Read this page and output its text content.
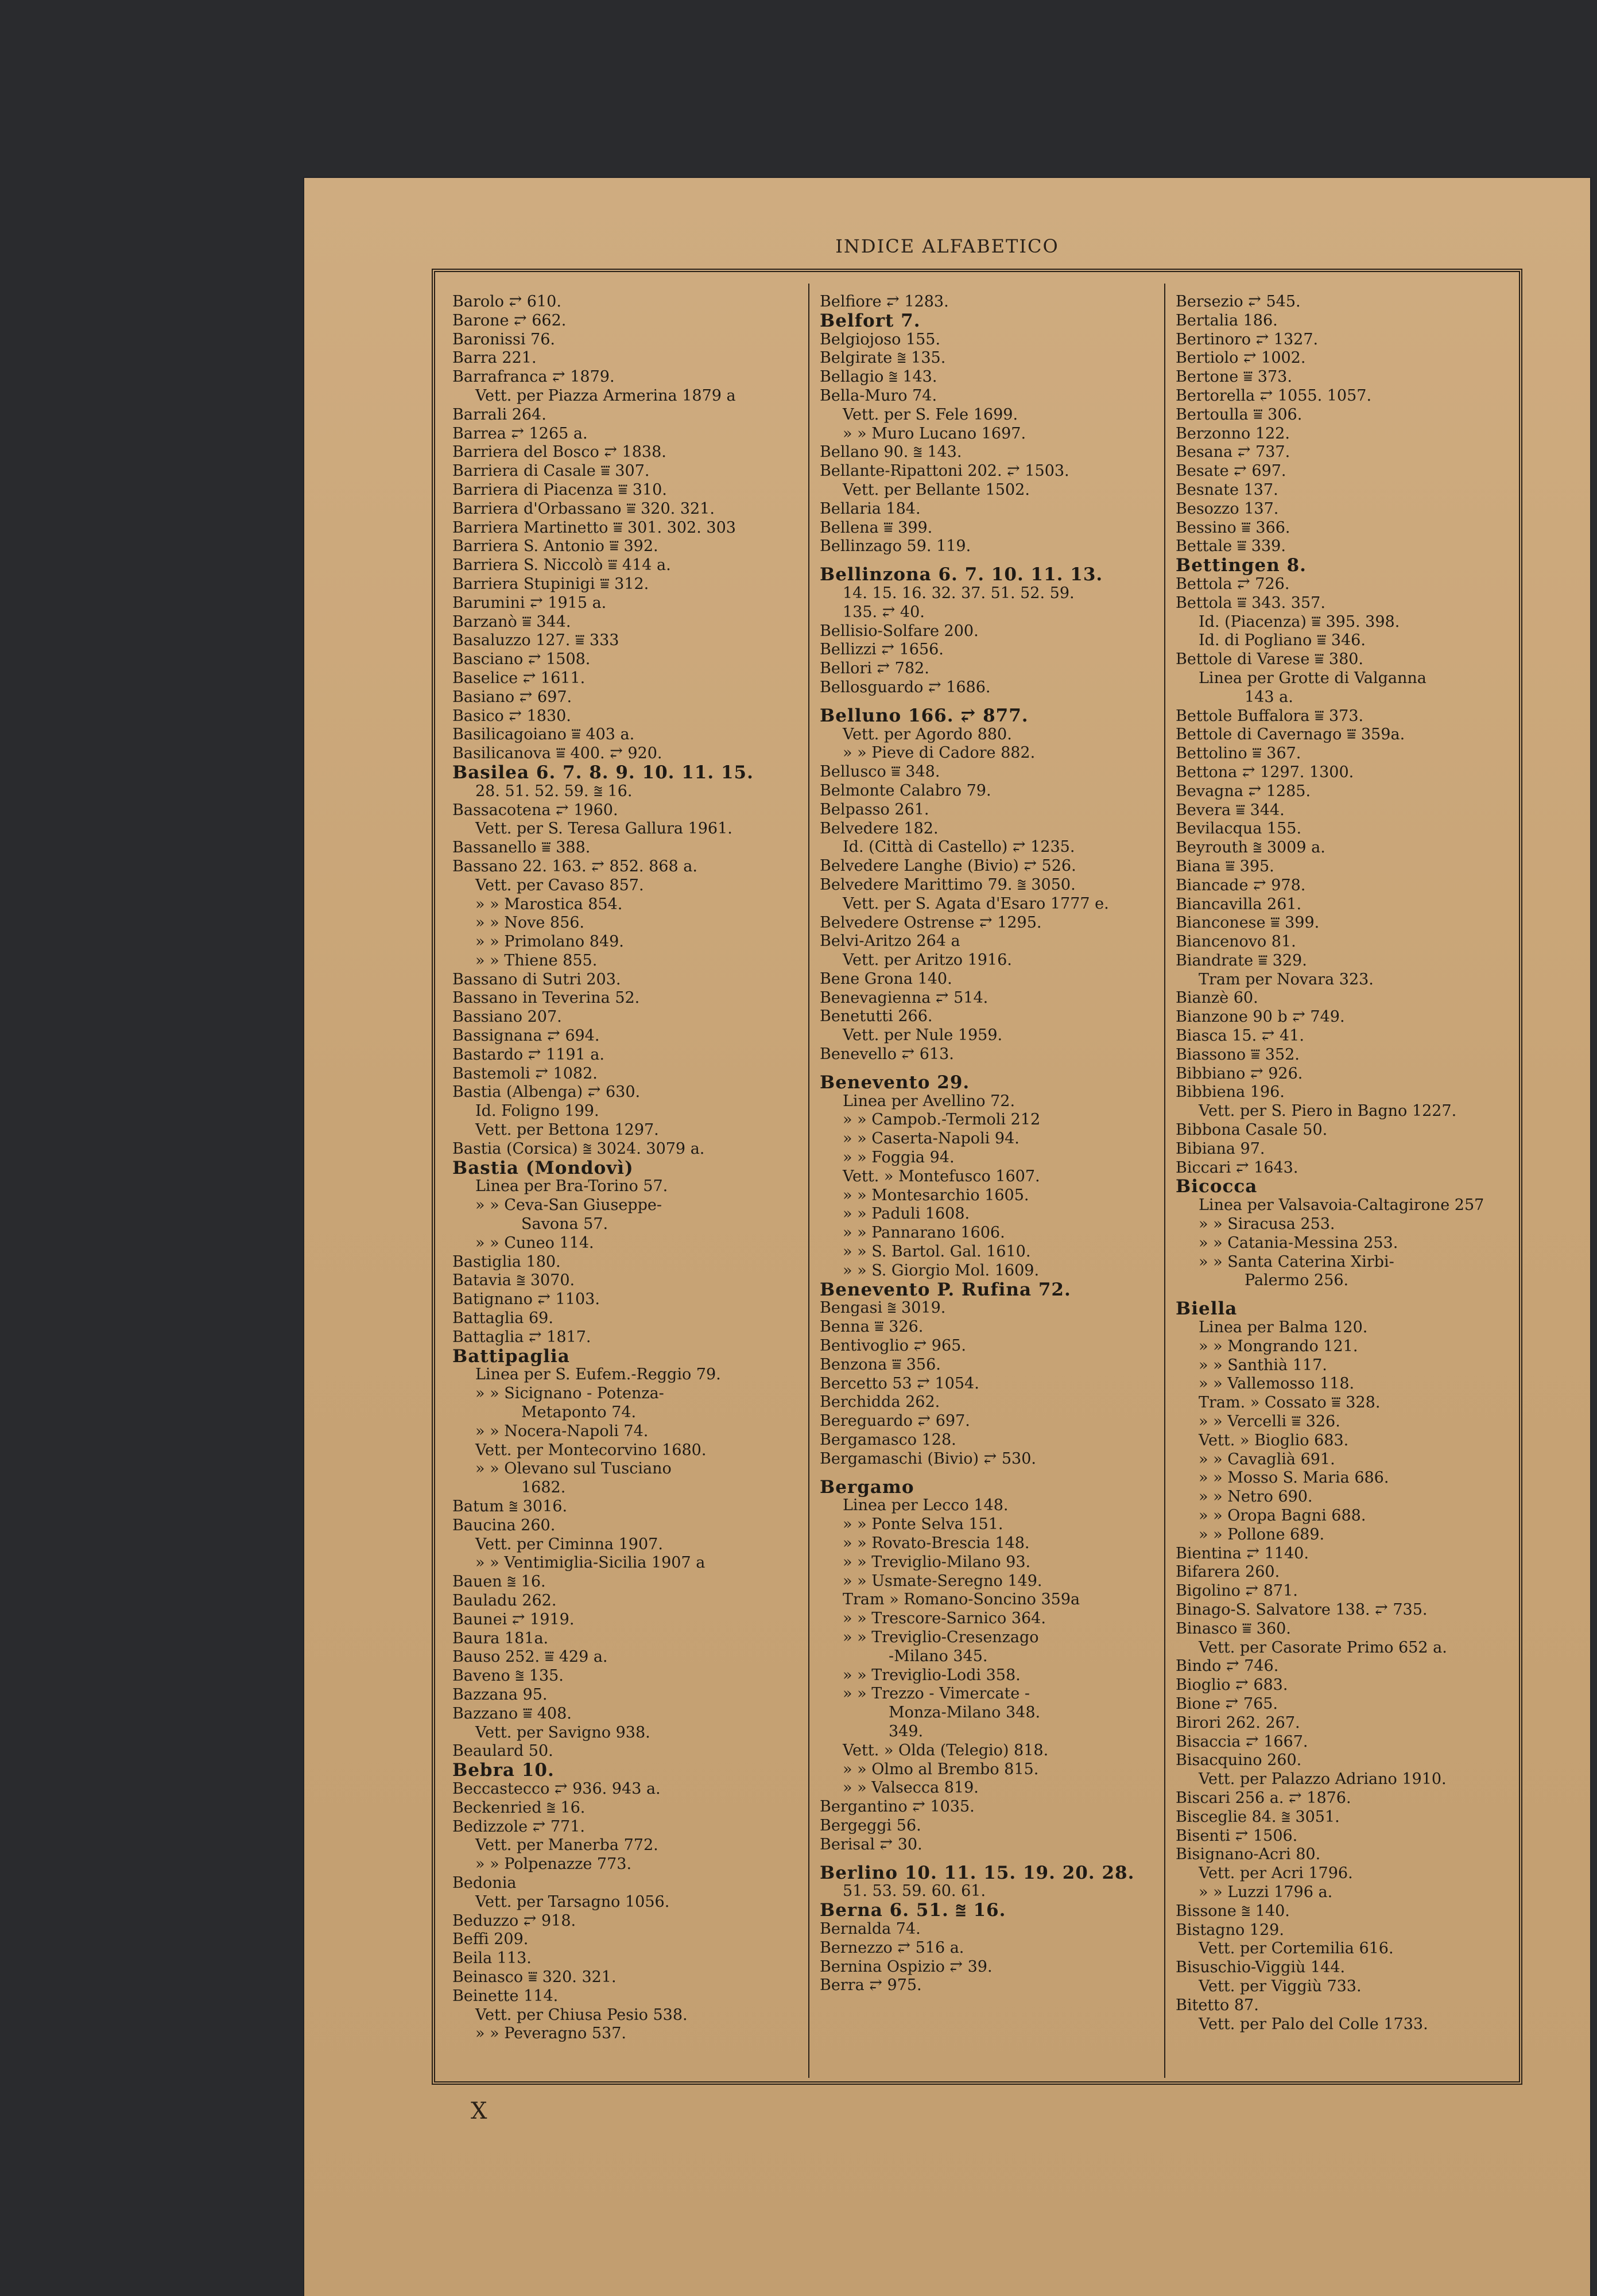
INDICE ALFABETICO
Barolo ⥂ 610.
Barone ⥂ 662.
Baronissi 76.
Barra 221.
Barrafranca ⥂ 1879.
Vett. per Piazza Armerina 1879 a
Barrali 264.
Barrea ⥂ 1265 a.
Barriera del Bosco ⥂ 1838.
Barriera di Casale ⩸ 307.
Barriera di Piacenza ⩸ 310.
Barriera d'Orbassano ⩸ 320. 321.
Barriera Martinetto ⩸ 301. 302. 303
Barriera S. Antonio ⩸ 392.
Barriera S. Niccolò ⩸ 414 a.
Barriera Stupinigi ⩸ 312.
Barumini ⥂ 1915 a.
Barzanò ⩸ 344.
Basaluzzo 127. ⩸ 333
Basciano ⥂ 1508.
Baselice ⥂ 1611.
Basiano ⥂ 697.
Basico ⥂ 1830.
Basilicagoiano ⩸ 403 a.
Basilicanova ⩸ 400. ⥂ 920.
Basilea 6. 7. 8. 9. 10. 11. 15.
28. 51. 52. 59. ⩰ 16.
Bassacotena ⥂ 1960.
Vett. per S. Teresa Gallura 1961.
Bassanello ⩸ 388.
Bassano 22. 163. ⥂ 852. 868 a.
Vett. per Cavaso 857.
» » Marostica 854.
» » Nove 856.
» » Primolano 849.
» » Thiene 855.
Bassano di Sutri 203.
Bassano in Teverina 52.
Bassiano 207.
Bassignana ⥂ 694.
Bastardo ⥂ 1191 a.
Bastemoli ⥂ 1082.
Bastia (Albenga) ⥂ 630.
Id. Foligno 199.
Vett. per Bettona 1297.
Bastia (Corsica) ⩰ 3024. 3079 a.
Bastia (Mondovì)
Linea per Bra-Torino 57.
» » Ceva-San Giuseppe-
Savona 57.
» » Cuneo 114.
Bastiglia 180.
Batavia ⩰ 3070.
Batignano ⥂ 1103.
Battaglia 69.
Battaglia ⥂ 1817.
Battipaglia
Linea per S. Eufem.-Reggio 79.
» » Sicignano - Potenza-
Metaponto 74.
» » Nocera-Napoli 74.
Vett. per Montecorvino 1680.
» » Olevano sul Tusciano
1682.
Batum ⩰ 3016.
Baucina 260.
Vett. per Ciminna 1907.
» » Ventimiglia-Sicilia 1907 a
Bauen ⩰ 16.
Bauladu 262.
Baunei ⥂ 1919.
Baura 181a.
Bauso 252. ⩸ 429 a.
Baveno ⩰ 135.
Bazzana 95.
Bazzano ⩸ 408.
Vett. per Savigno 938.
Beaulard 50.
Bebra 10.
Beccastecco ⥂ 936. 943 a.
Beckenried ⩰ 16.
Bedizzole ⥂ 771.
Vett. per Manerba 772.
» » Polpenazze 773.
Bedonia
Vett. per Tarsagno 1056.
Beduzzo ⥂ 918.
Beffi 209.
Beila 113.
Beinasco ⩸ 320. 321.
Beinette 114.
Vett. per Chiusa Pesio 538.
» » Peveragno 537.
Belfiore ⥂ 1283.
Belfort 7.
Belgiojoso 155.
Belgirate ⩰ 135.
Bellagio ⩰ 143.
Bella-Muro 74.
Vett. per S. Fele 1699.
» » Muro Lucano 1697.
Bellano 90. ⩰ 143.
Bellante-Ripattoni 202. ⥂ 1503.
Vett. per Bellante 1502.
Bellaria 184.
Bellena ⩸ 399.
Bellinzago 59. 119.
Bellinzona 6. 7. 10. 11. 13.
14. 15. 16. 32. 37. 51. 52. 59.
135. ⥂ 40.
Bellisio-Solfare 200.
Bellizzi ⥂ 1656.
Bellori ⥂ 782.
Bellosguardo ⥂ 1686.
Belluno 166. ⥂ 877.
Vett. per Agordo 880.
» » Pieve di Cadore 882.
Bellusco ⩸ 348.
Belmonte Calabro 79.
Belpasso 261.
Belvedere 182.
Id. (Città di Castello) ⥂ 1235.
Belvedere Langhe (Bivio) ⥂ 526.
Belvedere Marittimo 79. ⩰ 3050.
Vett. per S. Agata d'Esaro 1777 e.
Belvedere Ostrense ⥂ 1295.
Belvi-Aritzo 264 a
Vett. per Aritzo 1916.
Bene Grona 140.
Benevagienna ⥂ 514.
Benetutti 266.
Vett. per Nule 1959.
Benevello ⥂ 613.
Benevento 29.
Linea per Avellino 72.
» » Campob.-Termoli 212
» » Caserta-Napoli 94.
» » Foggia 94.
Vett. » Montefusco 1607.
» » Montesarchio 1605.
» » Paduli 1608.
» » Pannarano 1606.
» » S. Bartol. Gal. 1610.
» » S. Giorgio Mol. 1609.
Benevento P. Rufina 72.
Bengasi ⩰ 3019.
Benna ⩸ 326.
Bentivoglio ⥂ 965.
Benzona ⩸ 356.
Bercetto 53 ⥂ 1054.
Berchidda 262.
Bereguardo ⥂ 697.
Bergamasco 128.
Bergamaschi (Bivio) ⥂ 530.
Bergamo
Linea per Lecco 148.
» » Ponte Selva 151.
» » Rovato-Brescia 148.
» » Treviglio-Milano 93.
» » Usmate-Seregno 149.
Tram » Romano-Soncino 359a
» » Trescore-Sarnico 364.
» » Treviglio-Cresenzago
-Milano 345.
» » Treviglio-Lodi 358.
» » Trezzo - Vimercate -
Monza-Milano 348.
349.
Vett. » Olda (Telegio) 818.
» » Olmo al Brembo 815.
» » Valsecca 819.
Bergantino ⥂ 1035.
Bergeggi 56.
Berisal ⥂ 30.
Berlino 10. 11. 15. 19. 20. 28.
51. 53. 59. 60. 61.
Berna 6. 51. ⩰ 16.
Bernalda 74.
Bernezzo ⥂ 516 a.
Bernina Ospizio ⥂ 39.
Berra ⥂ 975.
Bersezio ⥂ 545.
Bertalia 186.
Bertinoro ⥂ 1327.
Bertiolo ⥂ 1002.
Bertone ⩸ 373.
Bertorella ⥂ 1055. 1057.
Bertoulla ⩸ 306.
Berzonno 122.
Besana ⥂ 737.
Besate ⥂ 697.
Besnate 137.
Besozzo 137.
Bessino ⩸ 366.
Bettale ⩸ 339.
Bettingen 8.
Bettola ⥂ 726.
Bettola ⩸ 343. 357.
Id. (Piacenza) ⩸ 395. 398.
Id. di Pogliano ⩸ 346.
Bettole di Varese ⩸ 380.
Linea per Grotte di Valganna
143 a.
Bettole Buffalora ⩸ 373.
Bettole di Cavernago ⩸ 359a.
Bettolino ⩸ 367.
Bettona ⥂ 1297. 1300.
Bevagna ⥂ 1285.
Bevera ⩸ 344.
Bevilacqua 155.
Beyrouth ⩰ 3009 a.
Biana ⩸ 395.
Biancade ⥂ 978.
Biancavilla 261.
Bianconese ⩸ 399.
Biancenovo 81.
Biandrate ⩸ 329.
Tram per Novara 323.
Bianzè 60.
Bianzone 90 b ⥂ 749.
Biasca 15. ⥂ 41.
Biassono ⩸ 352.
Bibbiano ⥂ 926.
Bibbiena 196.
Vett. per S. Piero in Bagno 1227.
Bibbona Casale 50.
Bibiana 97.
Biccari ⥂ 1643.
Bicocca
Linea per Valsavoia-Caltagirone 257
» » Siracusa 253.
» » Catania-Messina 253.
» » Santa Caterina Xirbi-
Palermo 256.
Biella
Linea per Balma 120.
» » Mongrando 121.
» » Santhià 117.
» » Vallemosso 118.
Tram. » Cossato ⩸ 328.
» » Vercelli ⩸ 326.
Vett. » Bioglio 683.
» » Cavaglià 691.
» » Mosso S. Maria 686.
» » Netro 690.
» » Oropa Bagni 688.
» » Pollone 689.
Bientina ⥂ 1140.
Bifarera 260.
Bigolino ⥂ 871.
Binago-S. Salvatore 138. ⥂ 735.
Binasco ⩸ 360.
Vett. per Casorate Primo 652 a.
Bindo ⥂ 746.
Bioglio ⥂ 683.
Bione ⥂ 765.
Birori 262. 267.
Bisaccia ⥂ 1667.
Bisacquino 260.
Vett. per Palazzo Adriano 1910.
Biscari 256 a. ⥂ 1876.
Bisceglie 84. ⩰ 3051.
Bisenti ⥂ 1506.
Bisignano-Acri 80.
Vett. per Acri 1796.
» » Luzzi 1796 a.
Bissone ⩰ 140.
Bistagno 129.
Vett. per Cortemilia 616.
Bisuschio-Viggiù 144.
Vett. per Viggiù 733.
Bitetto 87.
Vett. per Palo del Colle 1733.
X
